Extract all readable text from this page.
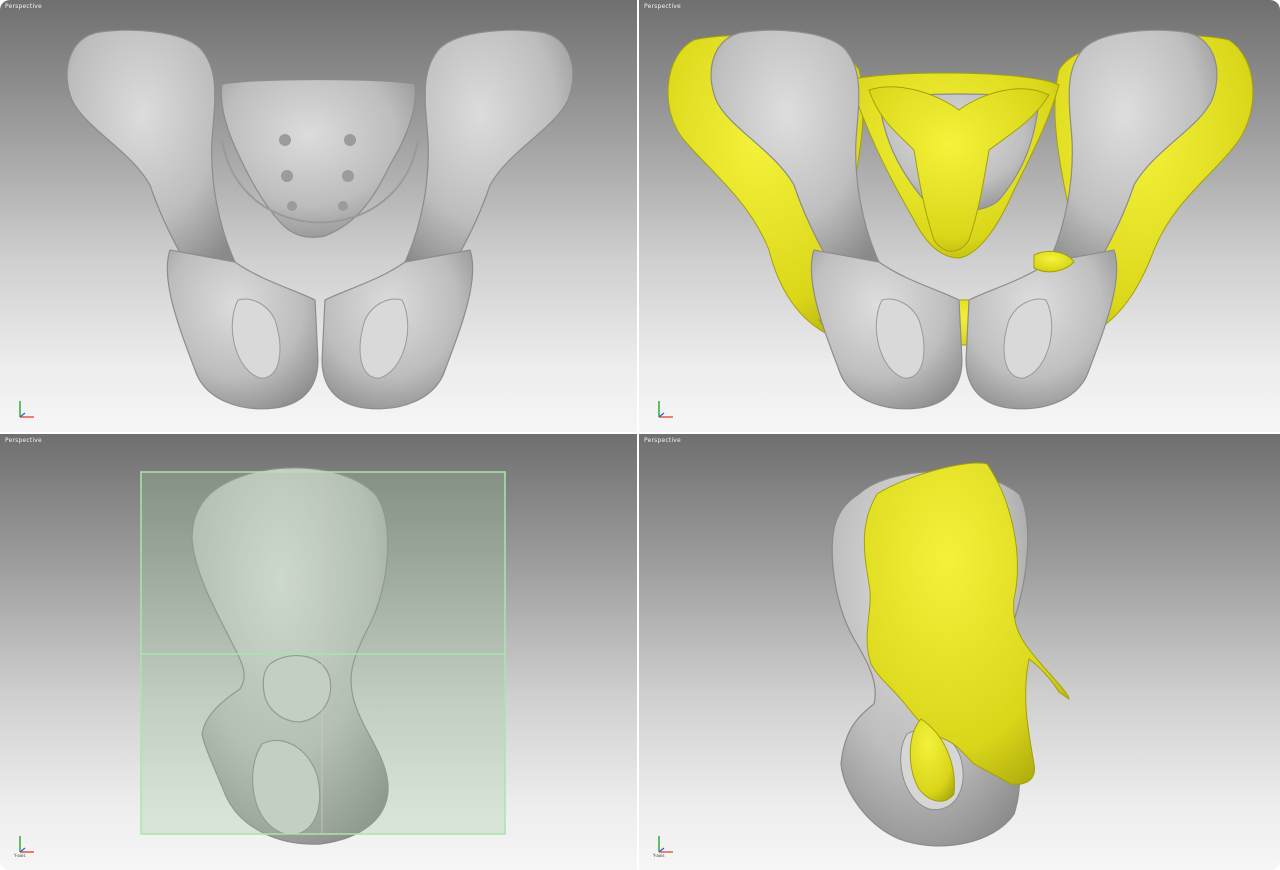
Perspective	Perspective
Perspective
Y-axis
Perspective
Y-axis
